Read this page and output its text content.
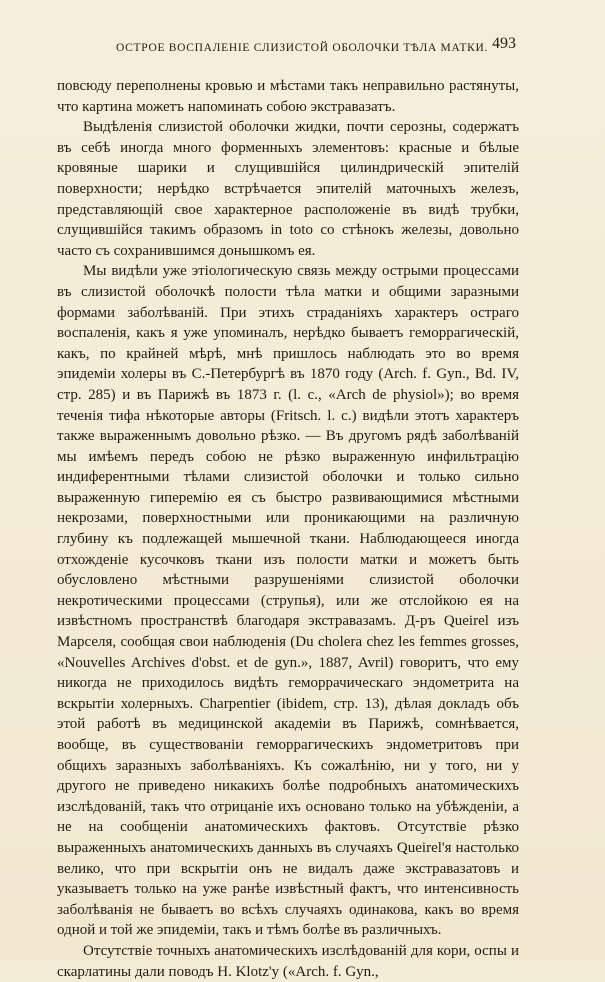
ОСТРОЕ ВОСПАЛЕНІЕ СЛИЗИСТОЙ ОБОЛОЧКИ ТѢЛА МАТКИ. 493

повсюду переполнены кровью и мѣстами такъ неправильно растянуты, что картина можетъ напоминать собою экстравазатъ.

Выдѣленія слизистой оболочки жидки, почти серозны, содержатъ въ себѣ иногда много форменныхъ элементовъ: красные и бѣлые кровяные шарики и слущившійся цилиндрическій эпителій поверхности; нерѣдко встрѣчается эпителій маточныхъ железъ, представляющій свое характерное расположеніе въ видѣ трубки, слущившійся такимъ образомъ in toto со стѣнокъ железы, довольно часто съ сохранившимся донышкомъ ея.

Мы видѣли уже этіологическую связь между острыми процессами въ слизистой оболочкѣ полости тѣла матки и общими заразными формами заболѣваній. При этихъ страданіяхъ характеръ остраго воспаленія, какъ я уже упоминалъ, нерѣдко бываетъ геморрагическій, какъ, по крайней мѣрѣ, мнѣ пришлось наблюдать это во время эпидеміи холеры въ С.-Петербургѣ въ 1870 году (Arch. f. Gyn., Bd. IV, стр. 285) и въ Парижѣ въ 1873 г. (l. c., «Arch de physiol»); во время теченія тифа нѣкоторые авторы (Fritsch. l. c.) видѣли этотъ характеръ также выраженнымъ довольно рѣзко. — Въ другомъ рядѣ заболѣваній мы имѣемъ передъ собою не рѣзко выраженную инфильтрацію индиферентными тѣлами слизистой оболочки и только сильно выраженную гиперемію ея съ быстро развивающимися мѣстными некрозами, поверхностными или проникающими на различную глубину къ подлежащей мышечной ткани. Наблюдающееся иногда отхожденіе кусочковъ ткани изъ полости матки и можетъ быть обусловлено мѣстными разрушеніями слизистой оболочки некротическими процессами (струпья), или же отслойкою ея на извѣстномъ пространствѣ благодаря экстравазамъ. Д-ръ Queirel изъ Марселя, сообщая свои наблюденія (Du cholera chez les femmes grosses, «Nouvelles Archives d'obst. et de gyn.», 1887, Avril) говоритъ, что ему никогда не приходилось видѣть геморрачическаго эндометрита на вскрытіи холерныхъ. Charpentier (ibidem, стр. 13), дѣлая докладъ объ этой работѣ въ медицинской академіи въ Парижѣ, сомнѣвается, вообще, въ существованіи геморрагическихъ эндометритовъ при общихъ заразныхъ заболѣваніяхъ. Къ сожалѣнію, ни у того, ни у другого не приведено никакихъ болѣе подробныхъ анатомическихъ изслѣдованій, такъ что отрицаніе ихъ основано только на убѣжденіи, а не на сообщеніи анатомическихъ фактовъ. Отсутствіе рѣзко выраженныхъ анатомическихъ данныхъ въ случаяхъ Queirel'я настолько велико, что при вскрытіи онъ не видалъ даже экстравазатовъ и указываетъ только на уже ранѣе извѣстный фактъ, что интенсивность заболѣванія не бываетъ во всѣхъ случаяхъ одинакова, какъ во время одной и той же эпидеміи, такъ и тѣмъ болѣе въ различныхъ.

Отсутствіе точныхъ анатомическихъ изслѣдованій для кори, оспы и скарлатины дали поводъ H. Klotz'у («Arch. f. Gyn.,
